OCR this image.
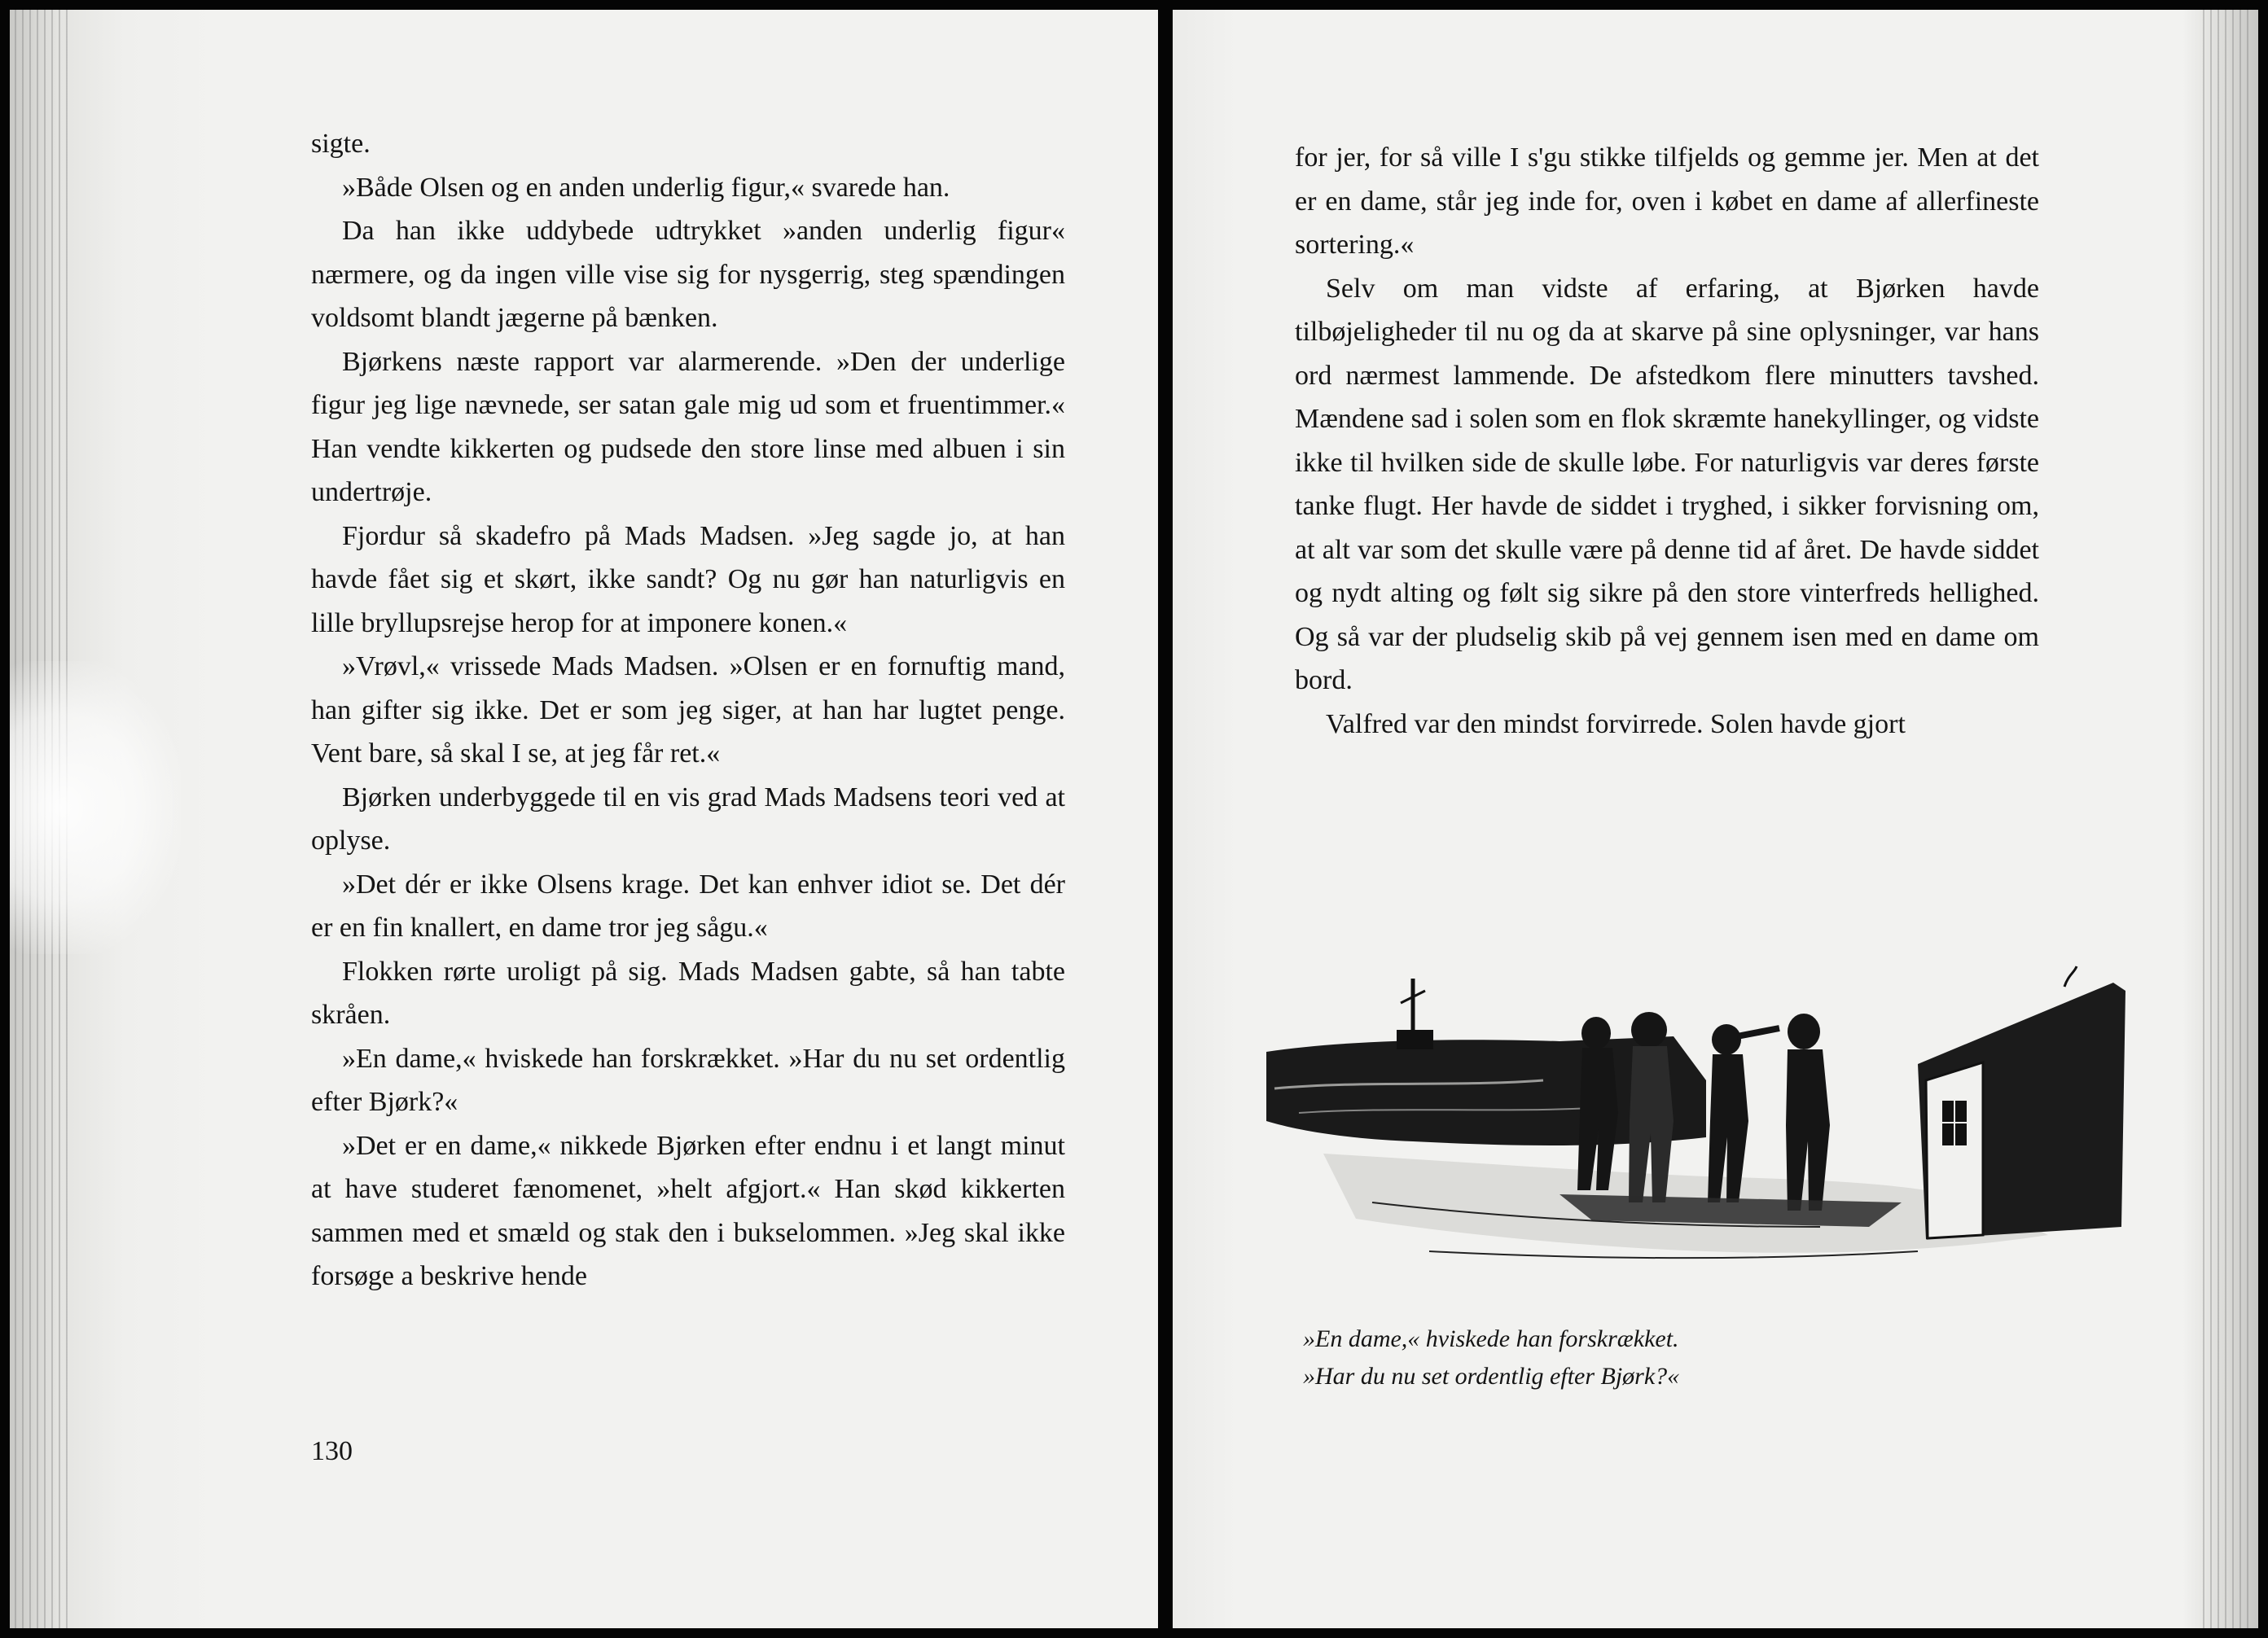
sigte.

»Både Olsen og en anden underlig figur,« svarede han.

Da han ikke uddybede udtrykket »anden underlig figur« nærmere, og da ingen ville vise sig for nysgerrig, steg spændingen voldsomt blandt jægerne på bænken.

Bjørkens næste rapport var alarmerende. »Den der underlige figur jeg lige nævnede, ser satan gale mig ud som et fruentimmer.« Han vendte kikkerten og pudsede den store linse med albuen i sin undertrøje.

Fjordur så skadefro på Mads Madsen. »Jeg sagde jo, at han havde fået sig et skørt, ikke sandt? Og nu gør han naturligvis en lille bryllupsrejse herop for at imponere konen.«

»Vrøvl,« vrissede Mads Madsen. »Olsen er en fornuftig mand, han gifter sig ikke. Det er som jeg siger, at han har lugtet penge. Vent bare, så skal I se, at jeg får ret.«

Bjørken underbyggede til en vis grad Mads Madsens teori ved at oplyse.

»Det dér er ikke Olsens krage. Det kan enhver idiot se. Det dér er en fin knallert, en dame tror jeg sågu.«

Flokken rørte uroligt på sig. Mads Madsen gabte, så han tabte skråen.

»En dame,« hviskede han forskrækket. »Har du nu set ordentlig efter Bjørk?«

»Det er en dame,« nikkede Bjørken efter endnu i et langt minut at have studeret fænomenet, »helt afgjort.« Han skød kikkerten sammen med et smæld og stak den i bukselommen. »Jeg skal ikke forsøge a beskrive hende

130

for jer, for så ville I s'gu stikke tilfjelds og gemme jer. Men at det er en dame, står jeg inde for, oven i købet en dame af allerfineste sortering.«

Selv om man vidste af erfaring, at Bjørken havde tilbøjeligheder til nu og da at skarve på sine oplysninger, var hans ord nærmest lammende. De afstedkom flere minutters tavshed. Mændene sad i solen som en flok skræmte hanekyllinger, og vidste ikke til hvilken side de skulle løbe. For naturligvis var deres første tanke flugt. Her havde de siddet i tryghed, i sikker forvisning om, at alt var som det skulle være på denne tid af året. De havde siddet og nydt alting og følt sig sikre på den store vinterfreds hellighed. Og så var der pludselig skib på vej gennem isen med en dame om bord.

Valfred var den mindst forvirrede. Solen havde gjort

»En dame,« hviskede han forskrækket.
»Har du nu set ordentlig efter Bjørk?«
